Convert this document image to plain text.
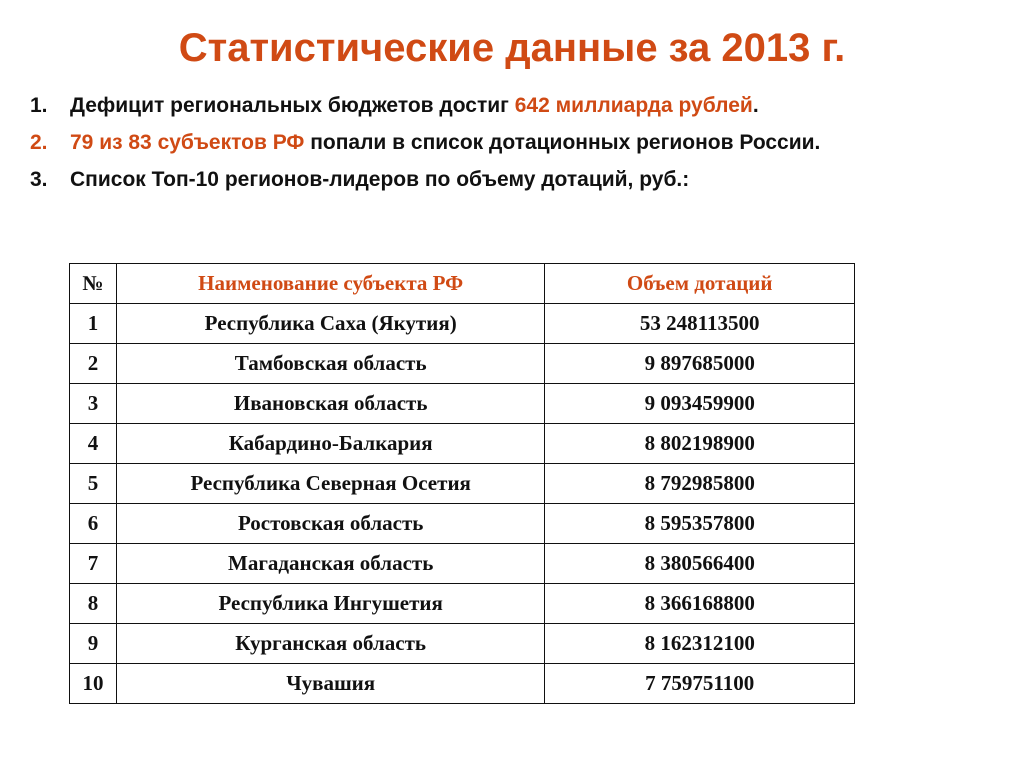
Статистические данные за 2013 г.
1. Дефицит региональных бюджетов достиг 642 миллиарда рублей.
2. 79 из 83 субъектов РФ попали в список дотационных регионов России.
3. Список Топ-10 регионов-лидеров по объему дотаций, руб.:
№	Наименование субъекта РФ	Объем дотаций
1	Республика Саха (Якутия)	53 248113500
2	Тамбовская область	9 897685000
3	Ивановская область	9 093459900
4	Кабардино-Балкария	8 802198900
5	Республика Северная Осетия	8 792985800
6	Ростовская область	8 595357800
7	Магаданская область	8 380566400
8	Республика Ингушетия	8 366168800
9	Курганская область	8 162312100
10	Чувашия	7 759751100
